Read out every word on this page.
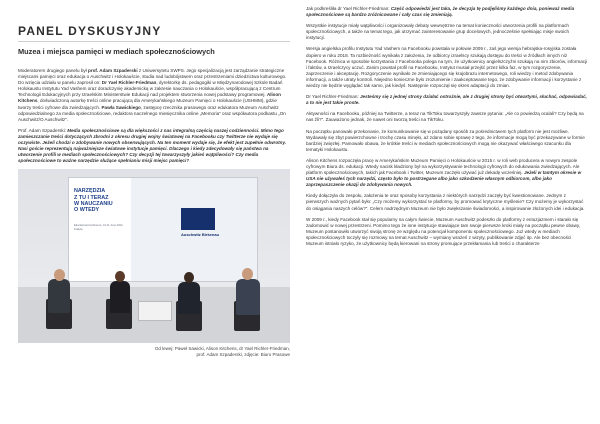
PANEL DYSKUSYJNY
Muzea i miejsca pamięci w mediach społecznościowych

Moderatorem drugiego panelu był prof. Adam Szpaderski z Uniwersytetu SWPS. Jego specjalizacją jest zarządzanie strategiczne miejscami pamięci oraz edukacja o Auschwitz i Holokauście, studia nad ludobójstwem oraz przestrzeniami dziedzictwa kulturowego. Do wzięcia udziału w panelu zaprosił on: Dr Yael Richler-Friedman, dyrektorkę ds. pedagogiki w Międzynarodowej Szkole Badań Holokaustu Instytutu Yad Vashem oraz doradczynię akademicką w zakresie nauczania o Holokauście, współpracującą z Centrum Technologii Edukacyjnych przy Izraelskim Ministerstwie Edukacji nad projektem stworzenia nowej podstawy programowej. Alison Kitchens, doświadczoną autorkę treści online pracującą dla Amerykańskiego Muzeum Pamięci o Holokauście (USHMM), gdzie tworzy treści cyfrowe dla zwiedzających. Pawła Sawickiego, zastępcę rzecznika prasowego oraz edukatora Muzeum Auschwitz odpowiedzialnego za media społecznościowe, redaktora naczelnego miesięcznika online „Memoria” oraz współautora podkastu „On Auschwitz/O Auschwitz”.

Prof. Adam Szpaderski: Media społecznościowe są dla większości z nas integralną częścią naszej codzienności. Mimo tego zamieszczanie treści dotyczących zbrodni z okresu drugiej wojny światowej na Facebooku czy Twitterze nie wydaje się oczywiste. Jeżeli chodzi o zdobywanie nowych obserwujących. Na ten moment wydaje się, że efekt jest zupełnie odwrotny. Nasi goście reprezentują najważniejsze światowe instytucje pamięci. Dlaczego i kiedy zdecydowały się państwa na utworzenie profili w mediach społecznościowych? Czy decyzji tej towarzyszyły jakieś wątpliwości? Czy media społecznościowe to ważne narzędzie służące spełnianiu misji miejsc pamięci?

NARZĘDZIA
Z TU I TERAZ
W NAUCZANIU
O WTEDY
Educational Conference, 10-11 June 2022, Kraków
Auschwitz Birkenau
Od lewej: Paweł Sawicki, Alison Kitchens, dr Yael Richler-Friedman,
prof. Adam Szpaderski, zdjęcie: Biuro Prasowe

Jak podkreśliła dr Yael Richler-Friedman: Część odpowiedzi jest taka, że decyzja tę podjęliśmy każdego dnia, ponieważ media społecznościowe są bardzo zróżnicowane i cały czas się zmieniają.

Wszystkie instytucje miały wątpliwości i organizowały debaty wewnętrzne na temat konieczności utworzenia profili na platformach społecznościowych, a także na temat tego, jak utrzymać zainteresowanie grup docelowych, jednocześnie spełniając misje swoich instytucji.

Wersja angielska profilu Instytutu Yad Vashem na Facebooku powstała w połowie 2009 r., zaś jego wersja hebrajska-rosyjska została dopiero w roku 2018. Ta rozbieżność wynikała z założenia, że odbiorcy izraelscy szukają dostępu do treści w źródłach innych niż Facebook. Różnica w sposobie korzystania z Facebooka polega na tym, że użytkownicy angielszczyźni szukają na nim zbiorów, informacji i faktów, a Izraelczycy uczuć. Zanim powstał profil na Facebooku, Instytut musiał przejść przez kilka faz, w tym rozgoryczenie, zaprzeczenie i akceptację. Rozgoryczenie wynikało ze zmieniającego się krajobrazu internetowego, roli wiedzy i metod zdobywania informacji, a także utraty kontroli. Niejedno konieczne było zrozumienie i zaakceptowanie tego, że zdobywanie informacji i korzystanie z wiedzy nie będzie wyglądać tak samo, jak kiedyś. Następnie rozpoczął się okres adaptacji do zmian.

Dr Yael Richler-Friedman: Jesteśmy się z jednej strony działać ostrożnie, ale z drugiej strony być otwartymi, słuchać, odpowiadać, a to nie jest takie proste.

Aktywności na Facebooku, później na Twitterze, a teraz na TikToku towarzyszyły zawsze pytania: „Ale co powiedzą ocalali? Czy będą na nas źli?”. Zauważono jednak, że nawet oni tworzą treści na TikToku.

Na początku panowało przekonanie, że komunikowanie się w pożądany sposób za pośrednictwem tych platform nie jest możliwe. Wydawały się zbyt powierzchowne i trochę czasu minęło, aż zdano sobie sprawę z tego, że informacje mogą być przekazywane w formie bardziej zwięzłej. Pamowało obawa, że krótkie treści w mediach społecznościowych mogą nie okazywać właściwego szacunku dla tematyki Holokaustu.

Alison Kitchens rozpoczęła pracę w Amerykańskim Muzeum Pamięci o Holokauście w 2015 r. w roli web producera w nowym zespole cyfrowym Biura ds. edukacji. Wtedy nacisk kładziony był na wykorzystywanie technologii cyfrowych do edukowania zwiedzających. Ale platform społecznościowych, takich jak Facebook i Twitter, Muzeum zaczęło używać już dekadę wcześniej. Jeżeli w tamtym okresie w USA nie używałeś tych narzędzi, często było to postrzegane albo jako szkodzenie własnym odbiorcom, albo jako zaprzepaszczenie okazji do zdobywania nowych.

Kiedy dołączyła do zespołu, założenia te oraz sposoby korzystania z niektórych narzędzi zaczęły być kwestionowane. Jednym z pierwszych ważnych pytań było: „Czy możemy wykorzystać te platformy, by promować krytyczne myślenie? Czy możemy je wykorzystać do osiągania naszych celów?”. Celem nadrzędnym Muzeum nie było zwiększanie świadomości, a inspirowanie złożonych idei i edukacja.

W 2009 r., kiedy Facebook stał się popularny na całym świecie, Muzeum Auschwitz podeszło do platformy z entuzjazmem i starało się zadomowić w nowej przestrzeni. Pomimo tego że inne instytucje stawiające tam swoje pierwsze kroki miały na początku pewne obawy, Muzeum postanowiło utworzyć swoją stronę ze względu na potencjał komponentu społecznościowego. Już wtedy w mediach społecznościowych toczyły się rozmowy na temat Auschwitz – wymiany wrażeń z wizyty, publikowanie zdjęć itp. Ale bez obecności Muzeum istniało ryzyko, że użytkownicy będą kierowani na strony promujące przekłamania lub treści o charakterze
